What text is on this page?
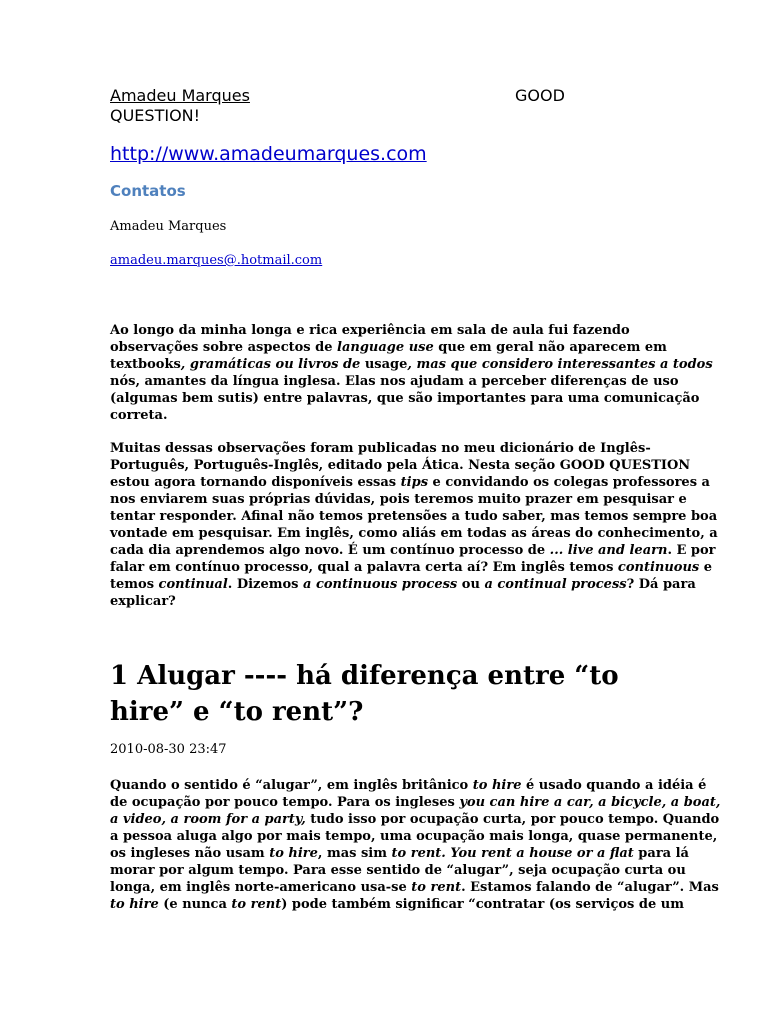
Amadeu Marques	GOOD
QUESTION!
http://www.amadeumarques.com
Contatos
Amadeu Marques
amadeu.marques@.hotmail.com
Ao longo da minha longa e rica experiência em sala de aula fui fazendo
observações sobre aspectos de language use que em geral não aparecem em
textbooks, gramáticas ou livros de usage, mas que considero interessantes a todos
nós, amantes da língua inglesa. Elas nos ajudam a perceber diferenças de uso
(algumas bem sutis) entre palavras, que são importantes para uma comunicação
correta.
Muitas dessas observações foram publicadas no meu dicionário de Inglês-
Português, Português-Inglês, editado pela Ática. Nesta seção GOOD QUESTION
estou agora tornando disponíveis essas tips e convidando os colegas professores a
nos enviarem suas próprias dúvidas, pois teremos muito prazer em pesquisar e
tentar responder. Afinal não temos pretensões a tudo saber, mas temos sempre boa
vontade em pesquisar. Em inglês, como aliás em todas as áreas do conhecimento, a
cada dia aprendemos algo novo. É um contínuo processo de ... live and learn. E por
falar em contínuo processo, qual a palavra certa aí? Em inglês temos continuous e
temos continual. Dizemos a continuous process ou a continual process? Dá para
explicar?
1 Alugar ---- há diferença entre “to hire” e “to rent”?
2010-08-30 23:47
Quando o sentido é “alugar”, em inglês britânico to hire é usado quando a idéia é
de ocupação por pouco tempo. Para os ingleses you can hire a car, a bicycle, a boat,
a video, a room for a party, tudo isso por ocupação curta, por pouco tempo. Quando
a pessoa aluga algo por mais tempo, uma ocupação mais longa, quase permanente,
os ingleses não usam to hire, mas sim to rent. You rent a house or a flat para lá
morar por algum tempo. Para esse sentido de “alugar”, seja ocupação curta ou
longa, em inglês norte-americano usa-se to rent. Estamos falando de “alugar”. Mas
to hire (e nunca to rent) pode também significar “contratar (os serviços de um
